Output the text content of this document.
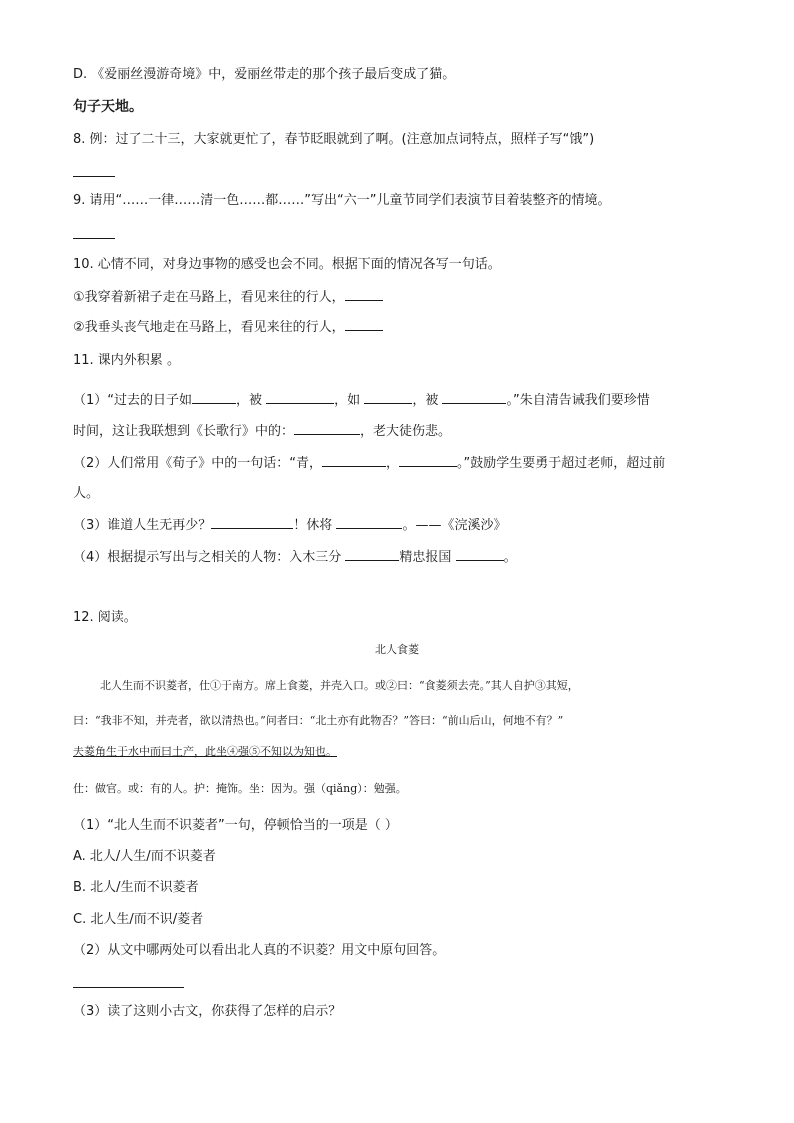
D. 《爱丽丝漫游奇境》中，爱丽丝带走的那个孩子最后变成了猫。
句子天地。
8. 例：过了二十三，大家就更忙了，春节眨眼就到了啊。(注意加点词特点，照样子写“饿”)
9. 请用“……一律……清一色……都……”写出“六一”儿童节同学们表演节目着装整齐的情境。
10. 心情不同，对身边事物的感受也会不同。根据下面的情况各写一句话。
①我穿着新裙子走在马路上，看见来往的行人，
②我垂头丧气地走在马路上，看见来往的行人，
11. 课内外积累 。
（1）“过去的日子如	，被	，如	，被	。”朱自清告诫我们要珍惜
时间，这让我联想到《长歌行》中的：	，老大徒伤悲。
（2）人们常用《荀子》中的一句话：“青，	，	。”鼓励学生要勇于超过老师，超过前
人。
（3）谁道人生无再少？	！休将	。——《浣溪沙》
（4）根据提示写出与之相关的人物：入木三分	精忠报国	。
12. 阅读。
北人食菱
北人生而不识菱者，仕①于南方。席上食菱，并壳入口。或②曰：“食菱须去壳。”其人自护③其短，
曰：“我非不知，并壳者，欲以清热也。”问者曰：“北土亦有此物否？”答曰：“前山后山，何地不有？”
夫菱角生于水中而曰土产，此坐④强⑤不知以为知也。
仕：做官。或：有的人。护：掩饰。坐：因为。强（qiǎng）：勉强。
（1）“北人生而不识菱者”一句，停顿恰当的一项是（ ）
A. 北人/人生/而不识菱者
B. 北人/生而不识菱者
C. 北人生/而不识/菱者
（2）从文中哪两处可以看出北人真的不识菱？用文中原句回答。
（3）读了这则小古文，你获得了怎样的启示？
